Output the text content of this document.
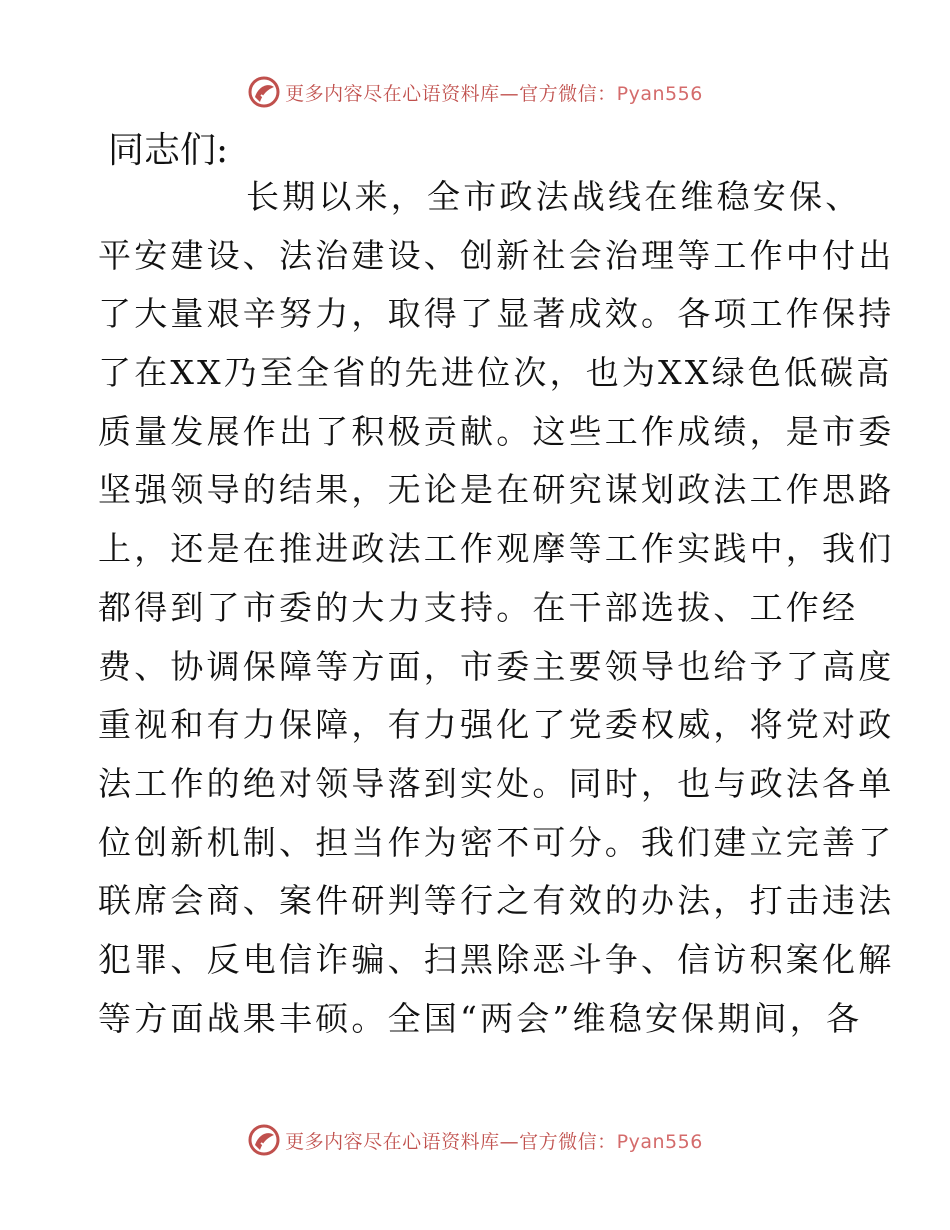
更多内容尽在心语资料库—官方微信：Pyan556
同志们:
长期以来，全市政法战线在维稳安保、
平安建设、法治建设、创新社会治理等工作中付出
了大量艰辛努力，取得了显著成效。各项工作保持
了在XX乃至全省的先进位次，也为XX绿色低碳高
质量发展作出了积极贡献。这些工作成绩，是市委
坚强领导的结果，无论是在研究谋划政法工作思路
上，还是在推进政法工作观摩等工作实践中，我们
都得到了市委的大力支持。在干部选拔、工作经
费、协调保障等方面，市委主要领导也给予了高度
重视和有力保障，有力强化了党委权威，将党对政
法工作的绝对领导落到实处。同时，也与政法各单
位创新机制、担当作为密不可分。我们建立完善了
联席会商、案件研判等行之有效的办法，打击违法
犯罪、反电信诈骗、扫黑除恶斗争、信访积案化解
等方面战果丰硕。全国“两会”维稳安保期间，各
更多内容尽在心语资料库—官方微信：Pyan556
